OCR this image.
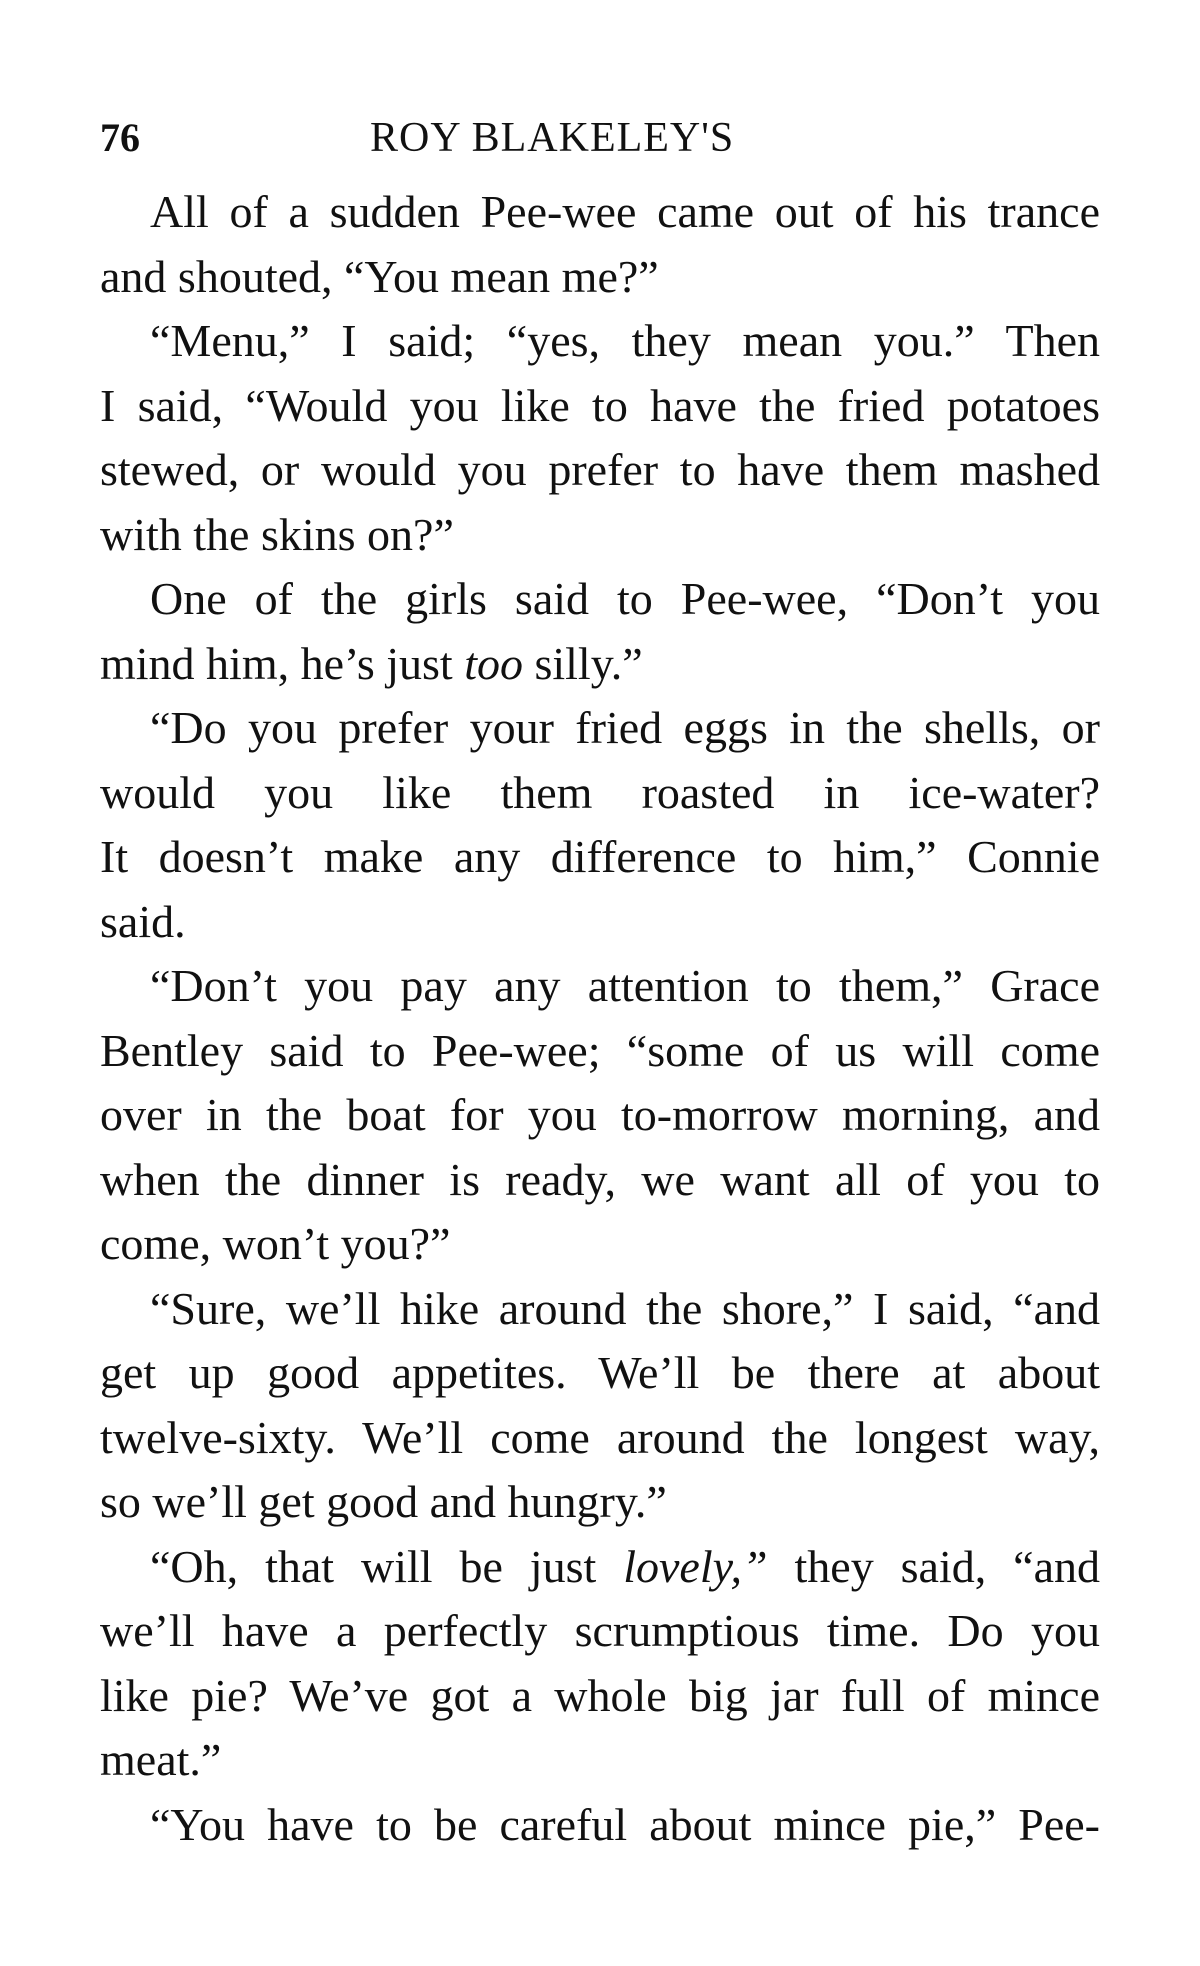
76	ROY BLAKELEY'S
All of a sudden Pee-wee came out of his trance
and shouted, “You mean me?”
“Menu,” I said; “yes, they mean you.” Then
I said, “Would you like to have the fried potatoes
stewed, or would you prefer to have them mashed
with the skins on?”
One of the girls said to Pee-wee, “Don’t you
mind him, he’s just too silly.”
“Do you prefer your fried eggs in the shells, or
would you like them roasted in ice-water?
It doesn’t make any difference to him,” Connie
said.
“Don’t you pay any attention to them,” Grace
Bentley said to Pee-wee; “some of us will come
over in the boat for you to-morrow morning, and
when the dinner is ready, we want all of you to
come, won’t you?”
“Sure, we’ll hike around the shore,” I said, “and
get up good appetites. We’ll be there at about
twelve-sixty. We’ll come around the longest way,
so we’ll get good and hungry.”
“Oh, that will be just lovely,” they said, “and
we’ll have a perfectly scrumptious time. Do you
like pie? We’ve got a whole big jar full of mince
meat.”
“You have to be careful about mince pie,” Pee-
